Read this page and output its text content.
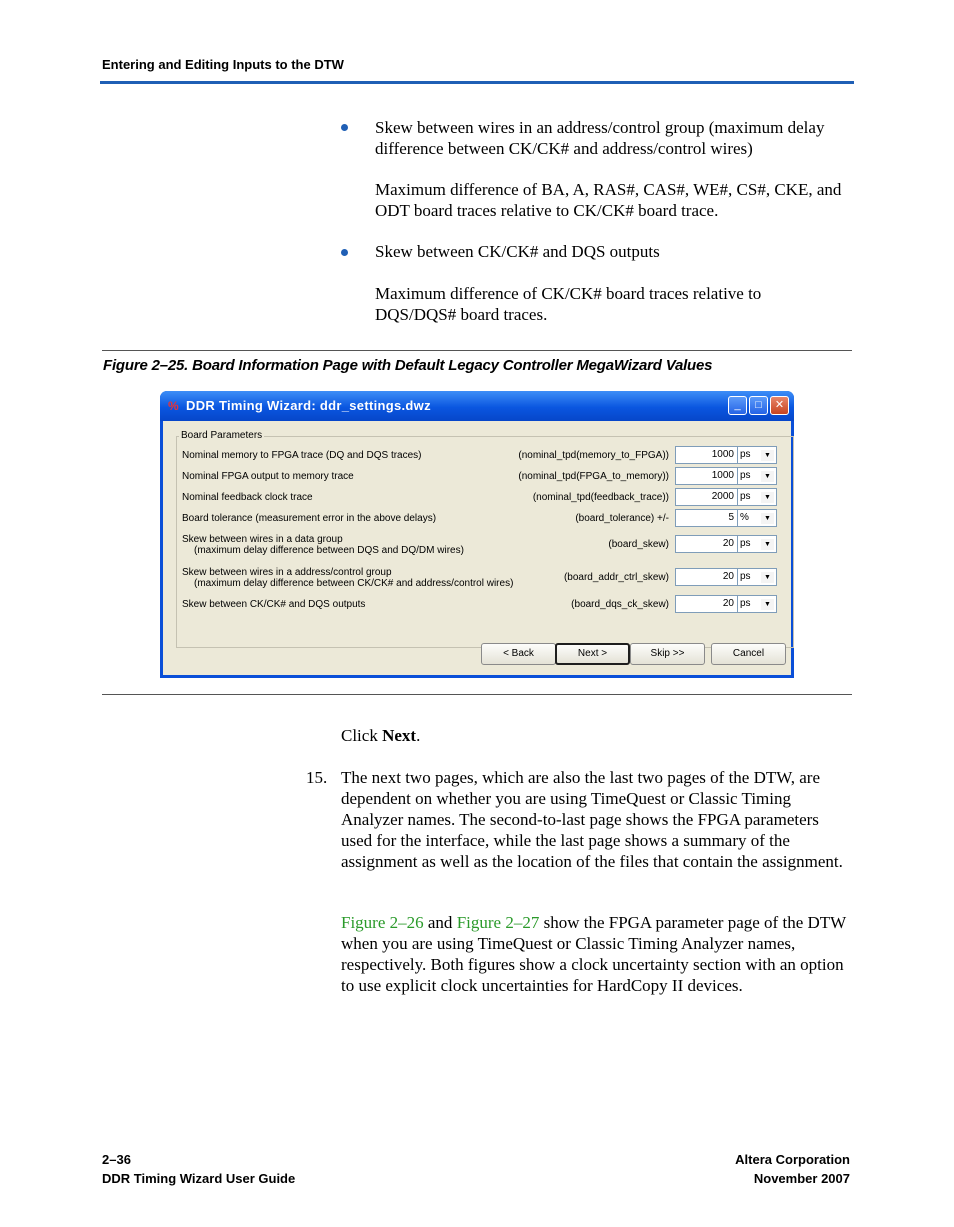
Entering and Editing Inputs to the DTW
Skew between wires in an address/control group (maximum delay difference between CK/CK# and address/control wires)
Maximum difference of BA, A, RAS#, CAS#, WE#, CS#, CKE, and ODT board traces relative to CK/CK# board trace.
Skew between CK/CK# and DQS outputs
Maximum difference of CK/CK# board traces relative to DQS/DQS# board traces.
Figure 2–25. Board Information Page with Default Legacy Controller MegaWizard Values
% DDR Timing Wizard: ddr_settings.dwz	_	□	✕
Board Parameters
Nominal memory to FPGA trace (DQ and DQS traces)	(nominal_tpd(memory_to_FPGA))	1000 ps	▼
Nominal FPGA output to memory trace	(nominal_tpd(FPGA_to_memory))	1000 ps	▼
Nominal feedback clock trace	(nominal_tpd(feedback_trace))	2000 ps	▼
Board tolerance (measurement error in the above delays)	(board_tolerance) +/-	5 %	▼
Skew between wires in a data group
(maximum delay difference between DQS and DQ/DM wires)
(board_skew)	20 ps	▼
Skew between wires in a address/control group
(maximum delay difference between CK/CK# and address/control wires)
(board_addr_ctrl_skew)	20 ps	▼
Skew between CK/CK# and DQS outputs	(board_dqs_ck_skew)	20 ps	▼
< Back	Next >	Skip >>	Cancel
Click Next.
15. The next two pages, which are also the last two pages of the DTW, are dependent on whether you are using TimeQuest or Classic Timing Analyzer names. The second-to-last page shows the FPGA parameters used for the interface, while the last page shows a summary of the assignment as well as the location of the files that contain the assignment.
Figure 2–26 and Figure 2–27 show the FPGA parameter page of the DTW when you are using TimeQuest or Classic Timing Analyzer names, respectively. Both figures show a clock uncertainty section with an option to use explicit clock uncertainties for HardCopy II devices.
2–36
DDR Timing Wizard User Guide
Altera Corporation
November 2007
